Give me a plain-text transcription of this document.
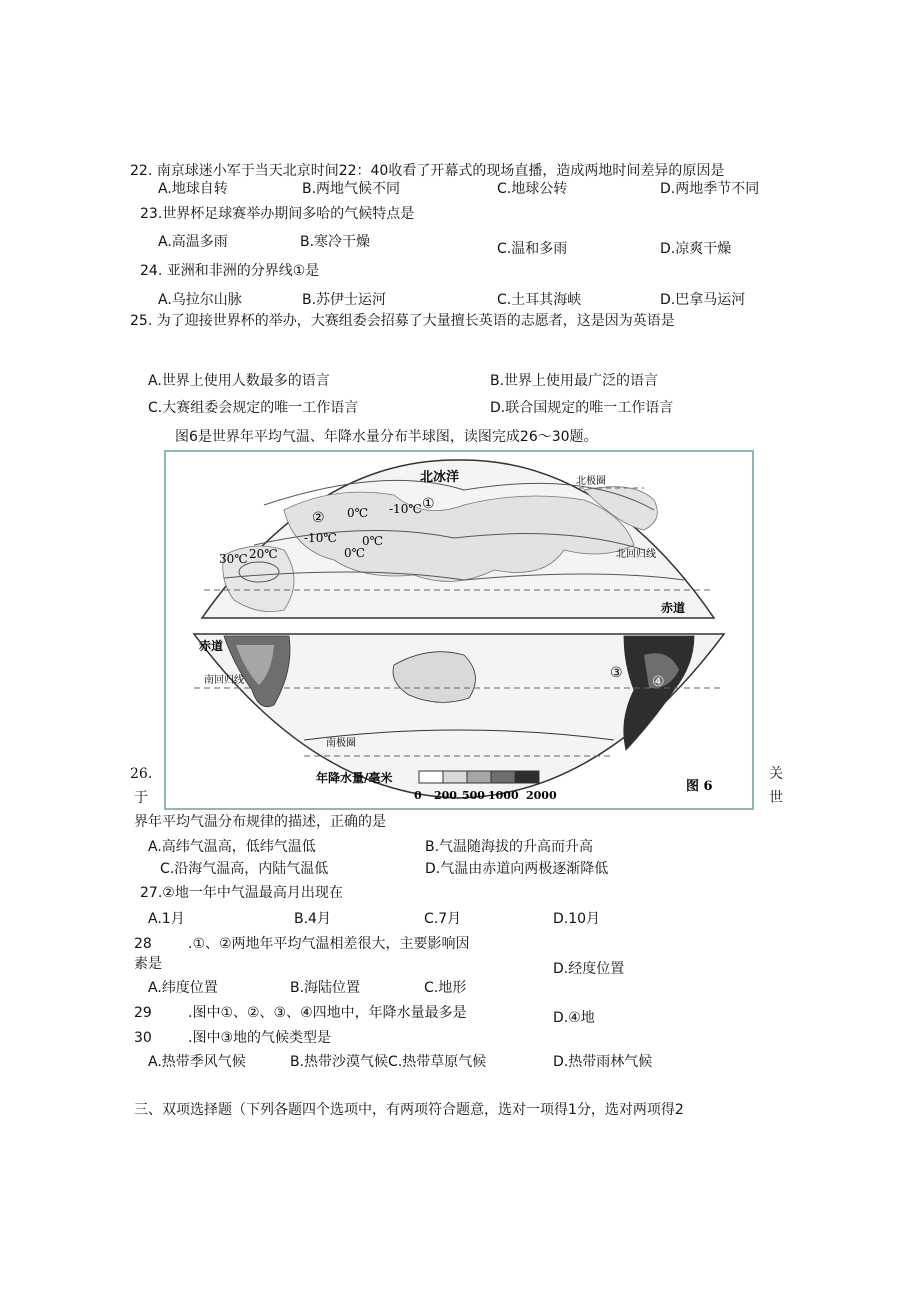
22. 南京球迷小军于当天北京时间22：40收看了开幕式的现场直播，造成两地时间差异的原因是
A.地球自转	B.两地气候不同	C.地球公转	D.两地季节不同
23.世界杯足球赛举办期间多哈的气候特点是
A.高温多雨	B.寒冷干燥	C.温和多雨	D.凉爽干燥
24. 亚洲和非洲的分界线①是
A.乌拉尔山脉	B.苏伊士运河	C.土耳其海峡	D.巴拿马运河
25. 为了迎接世界杯的举办，大赛组委会招募了大量擅长英语的志愿者，这是因为英语是
A.世界上使用人数最多的语言	B.世界上使用最广泛的语言
C.大赛组委会规定的唯一工作语言	D.联合国规定的唯一工作语言
图6是世界年平均气温、年降水量分布半球图，读图完成26～30题。
北冰洋	北极圈
北回归线
赤道
-10℃ ①
0℃
②
-10℃ 0℃
0℃
30℃ 20℃
赤道
南回归线
南极圈
③
④
年降水量/毫米
0 200 500 1000 2000
图 6
26.
于
关
世
界年平均气温分布规律的描述，正确的是
A.高纬气温高，低纬气温低	B.气温随海拔的升高而升高
C.沿海气温高，内陆气温低	D.气温由赤道向两极逐渐降低
27.②地一年中气温最高月出现在
A.1月	B.4月	C.7月	D.10月
28	.①、②两地年平均气温相差很大，主要影响因
素是	D.经度位置
A.纬度位置	B.海陆位置	C.地形
29	.图中①、②、③、④四地中，年降水量最多是	D.④地
30	.图中③地的气候类型是
A.热带季风气候	B.热带沙漠气候C.热带草原气候	D.热带雨林气候
三、双项选择题（下列各题四个选项中，有两项符合题意，选对一项得1分，选对两项得2
